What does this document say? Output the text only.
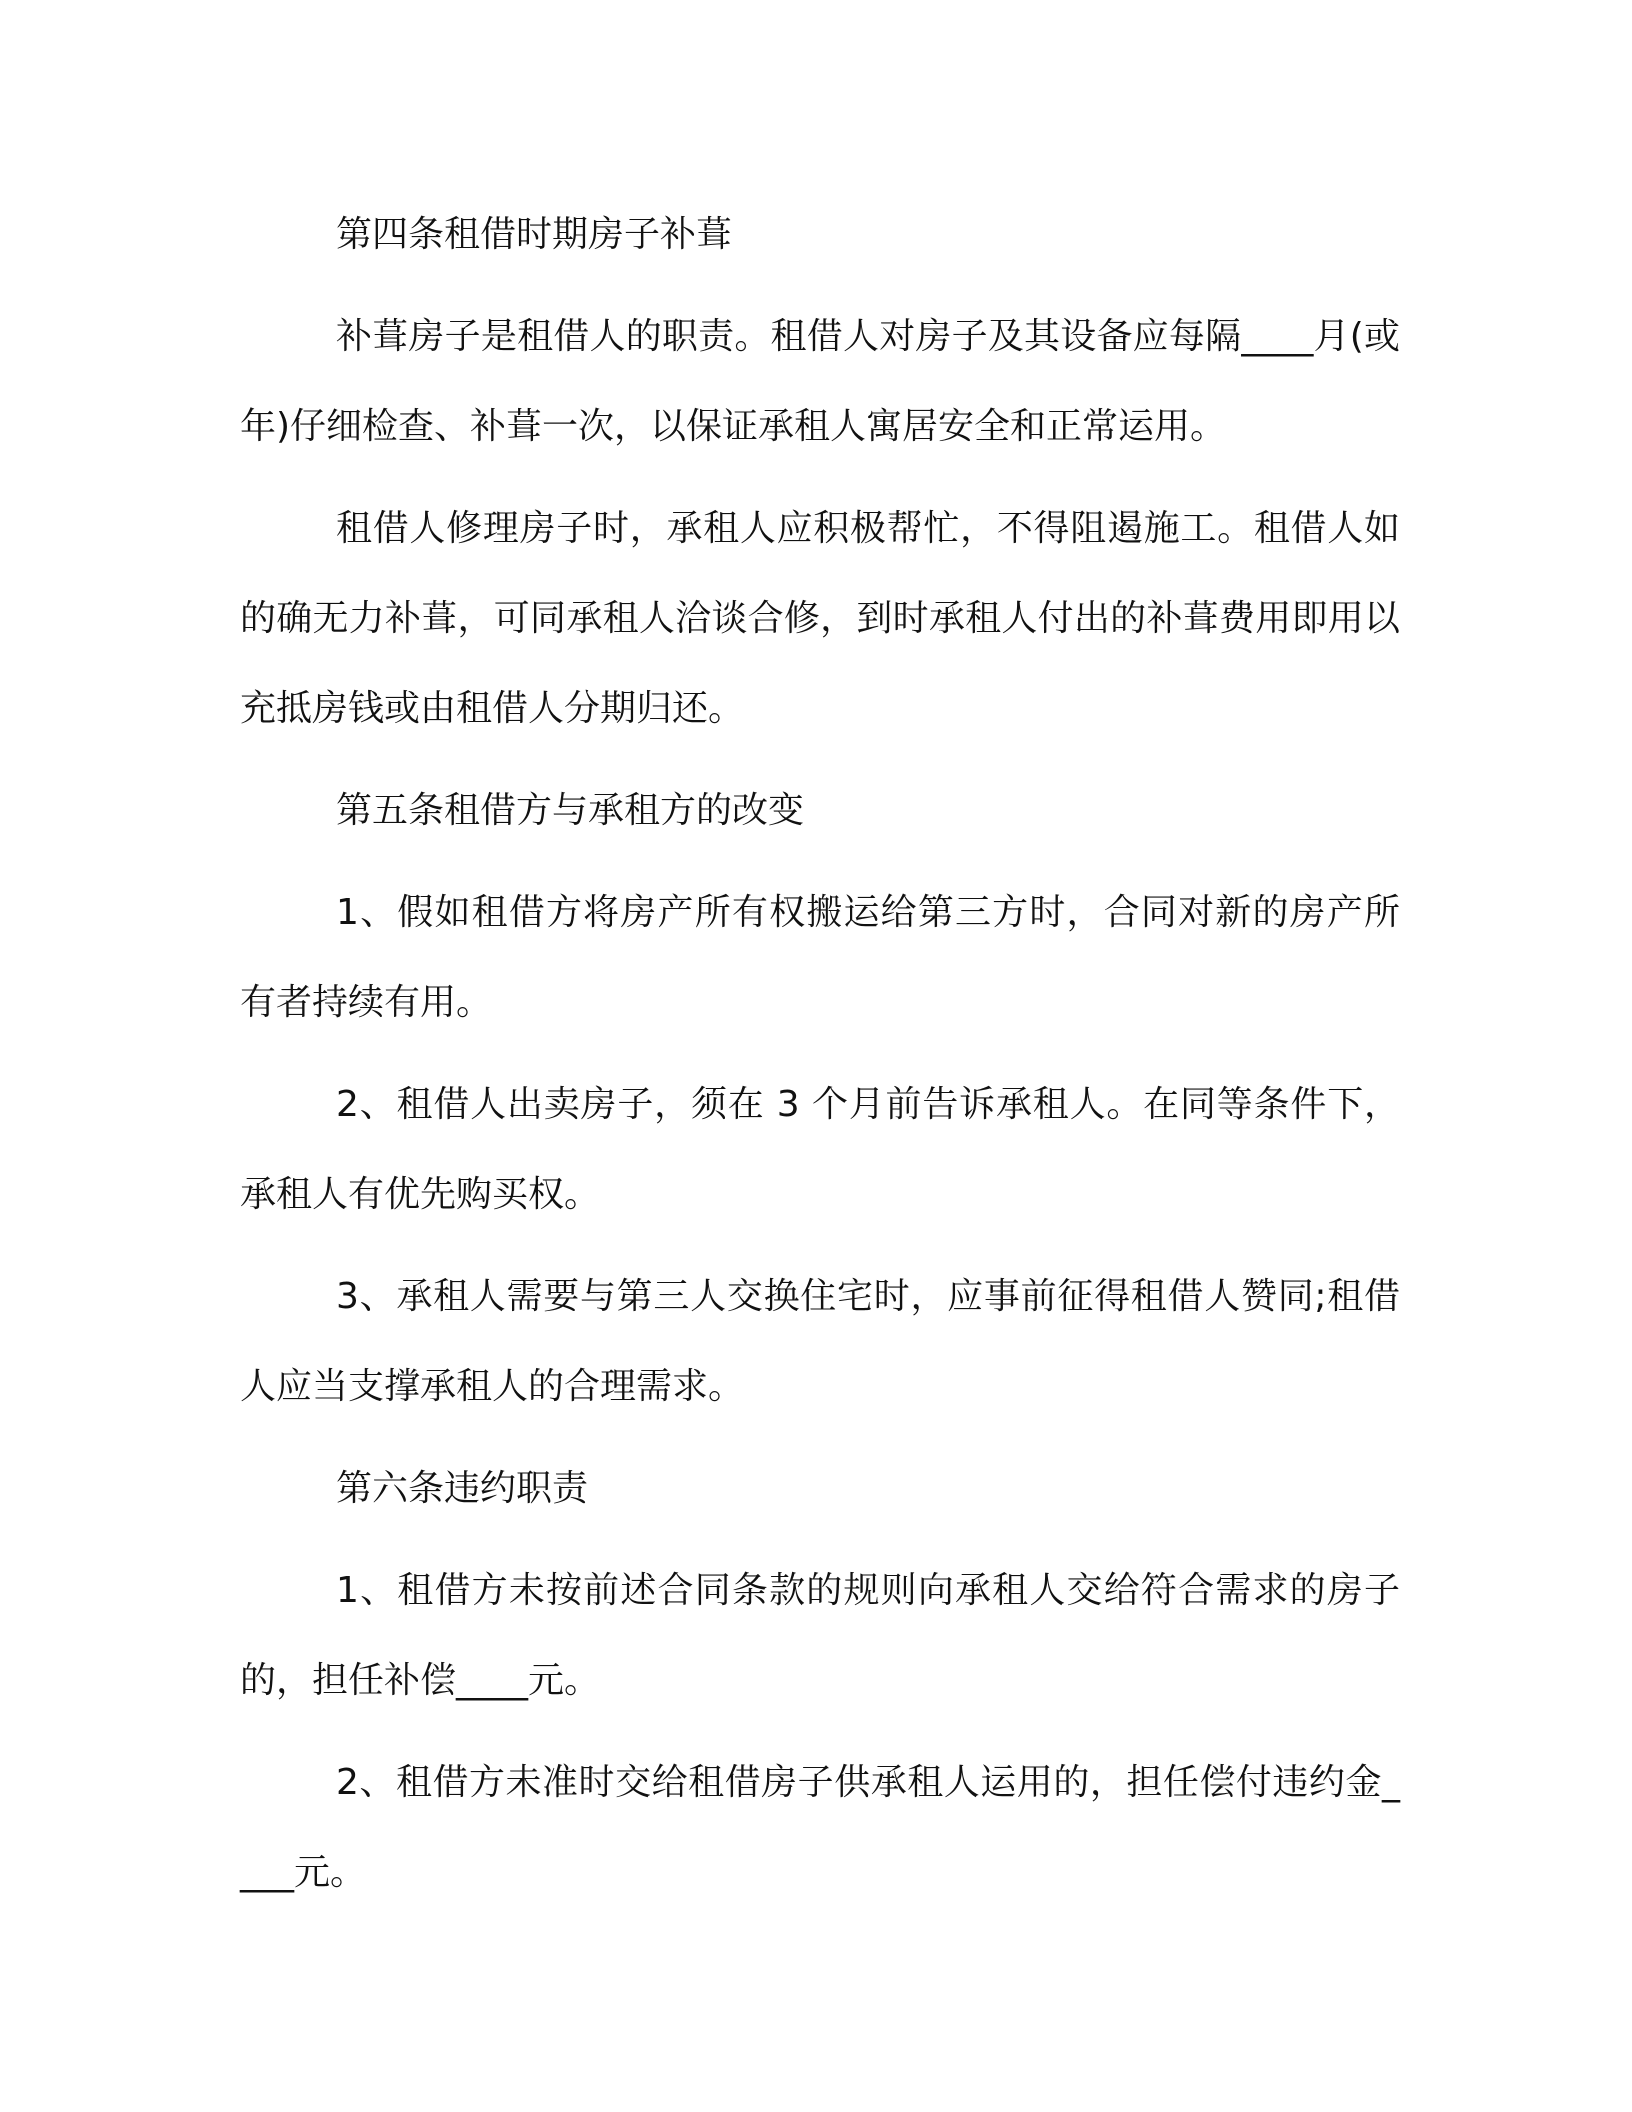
第四条租借时期房子补葺

补葺房子是租借人的职责。租借人对房子及其设备应每隔____月(或年)仔细检查、补葺一次，以保证承租人寓居安全和正常运用。

租借人修理房子时，承租人应积极帮忙，不得阻遏施工。租借人如的确无力补葺，可同承租人洽谈合修，到时承租人付出的补葺费用即用以充抵房钱或由租借人分期归还。

第五条租借方与承租方的改变

1、假如租借方将房产所有权搬运给第三方时，合同对新的房产所有者持续有用。

2、租借人出卖房子，须在 3 个月前告诉承租人。在同等条件下，承租人有优先购买权。

3、承租人需要与第三人交换住宅时，应事前征得租借人赞同;租借人应当支撑承租人的合理需求。

第六条违约职责

1、租借方未按前述合同条款的规则向承租人交给符合需求的房子的，担任补偿____元。

2、租借方未准时交给租借房子供承租人运用的，担任偿付违约金____元。
